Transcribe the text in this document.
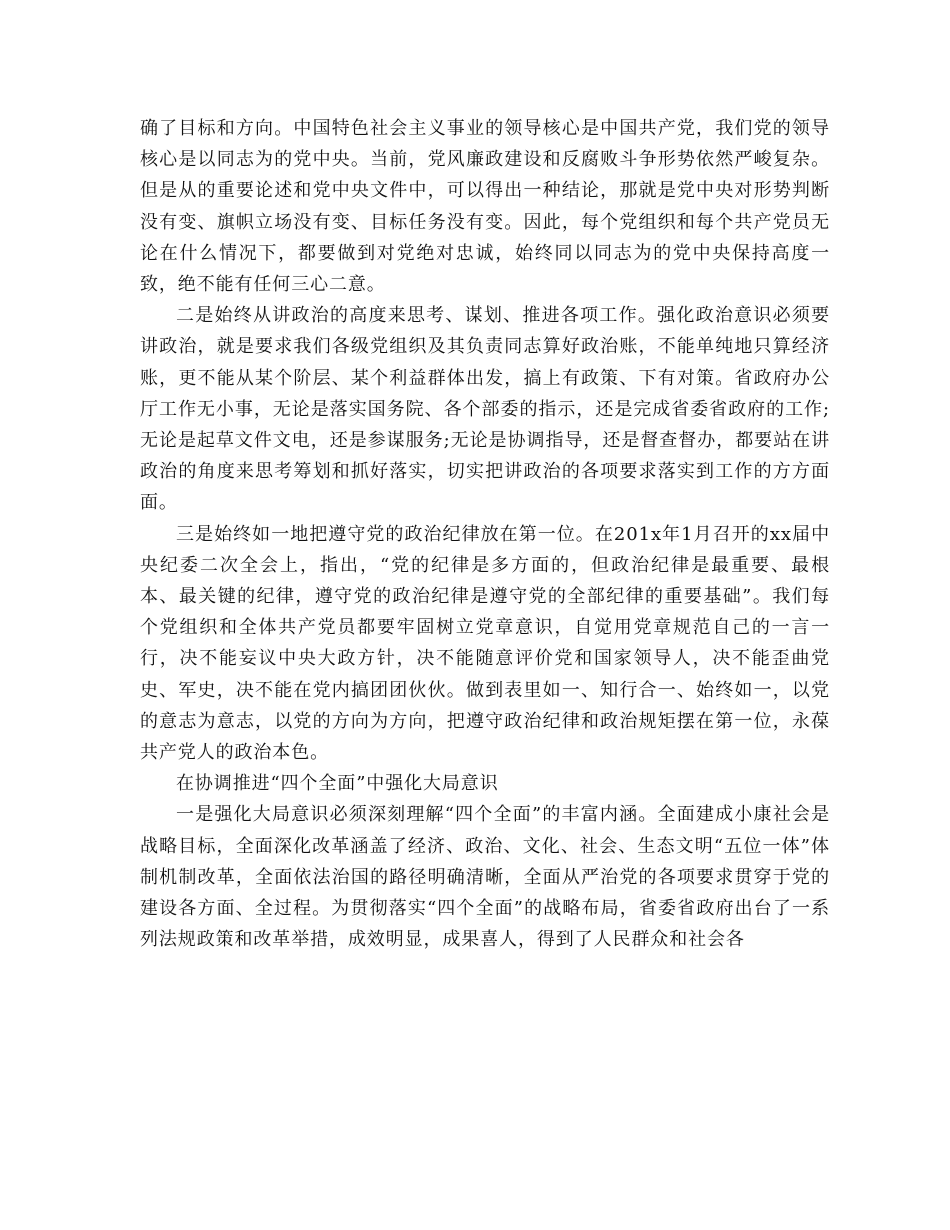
确了目标和方向。中国特色社会主义事业的领导核心是中国共产党，我们党的领导核心是以同志为的党中央。当前，党风廉政建设和反腐败斗争形势依然严峻复杂。但是从的重要论述和党中央文件中，可以得出一种结论，那就是党中央对形势判断没有变、旗帜立场没有变、目标任务没有变。因此，每个党组织和每个共产党员无论在什么情况下，都要做到对党绝对忠诚，始终同以同志为的党中央保持高度一致，绝不能有任何三心二意。

二是始终从讲政治的高度来思考、谋划、推进各项工作。强化政治意识必须要讲政治，就是要求我们各级党组织及其负责同志算好政治账，不能单纯地只算经济账，更不能从某个阶层、某个利益群体出发，搞上有政策、下有对策。省政府办公厅工作无小事，无论是落实国务院、各个部委的指示，还是完成省委省政府的工作;无论是起草文件文电，还是参谋服务;无论是协调指导，还是督查督办，都要站在讲政治的角度来思考筹划和抓好落实，切实把讲政治的各项要求落实到工作的方方面面。

三是始终如一地把遵守党的政治纪律放在第一位。在201x年1月召开的xx届中央纪委二次全会上，指出，“党的纪律是多方面的，但政治纪律是最重要、最根本、最关键的纪律，遵守党的政治纪律是遵守党的全部纪律的重要基础”。我们每个党组织和全体共产党员都要牢固树立党章意识，自觉用党章规范自己的一言一行，决不能妄议中央大政方针，决不能随意评价党和国家领导人，决不能歪曲党史、军史，决不能在党内搞团团伙伙。做到表里如一、知行合一、始终如一，以党的意志为意志，以党的方向为方向，把遵守政治纪律和政治规矩摆在第一位，永葆共产党人的政治本色。

在协调推进“四个全面”中强化大局意识

一是强化大局意识必须深刻理解“四个全面”的丰富内涵。全面建成小康社会是战略目标，全面深化改革涵盖了经济、政治、文化、社会、生态文明“五位一体”体制机制改革，全面依法治国的路径明确清晰，全面从严治党的各项要求贯穿于党的建设各方面、全过程。为贯彻落实“四个全面”的战略布局，省委省政府出台了一系列法规政策和改革举措，成效明显，成果喜人，得到了人民群众和社会各
